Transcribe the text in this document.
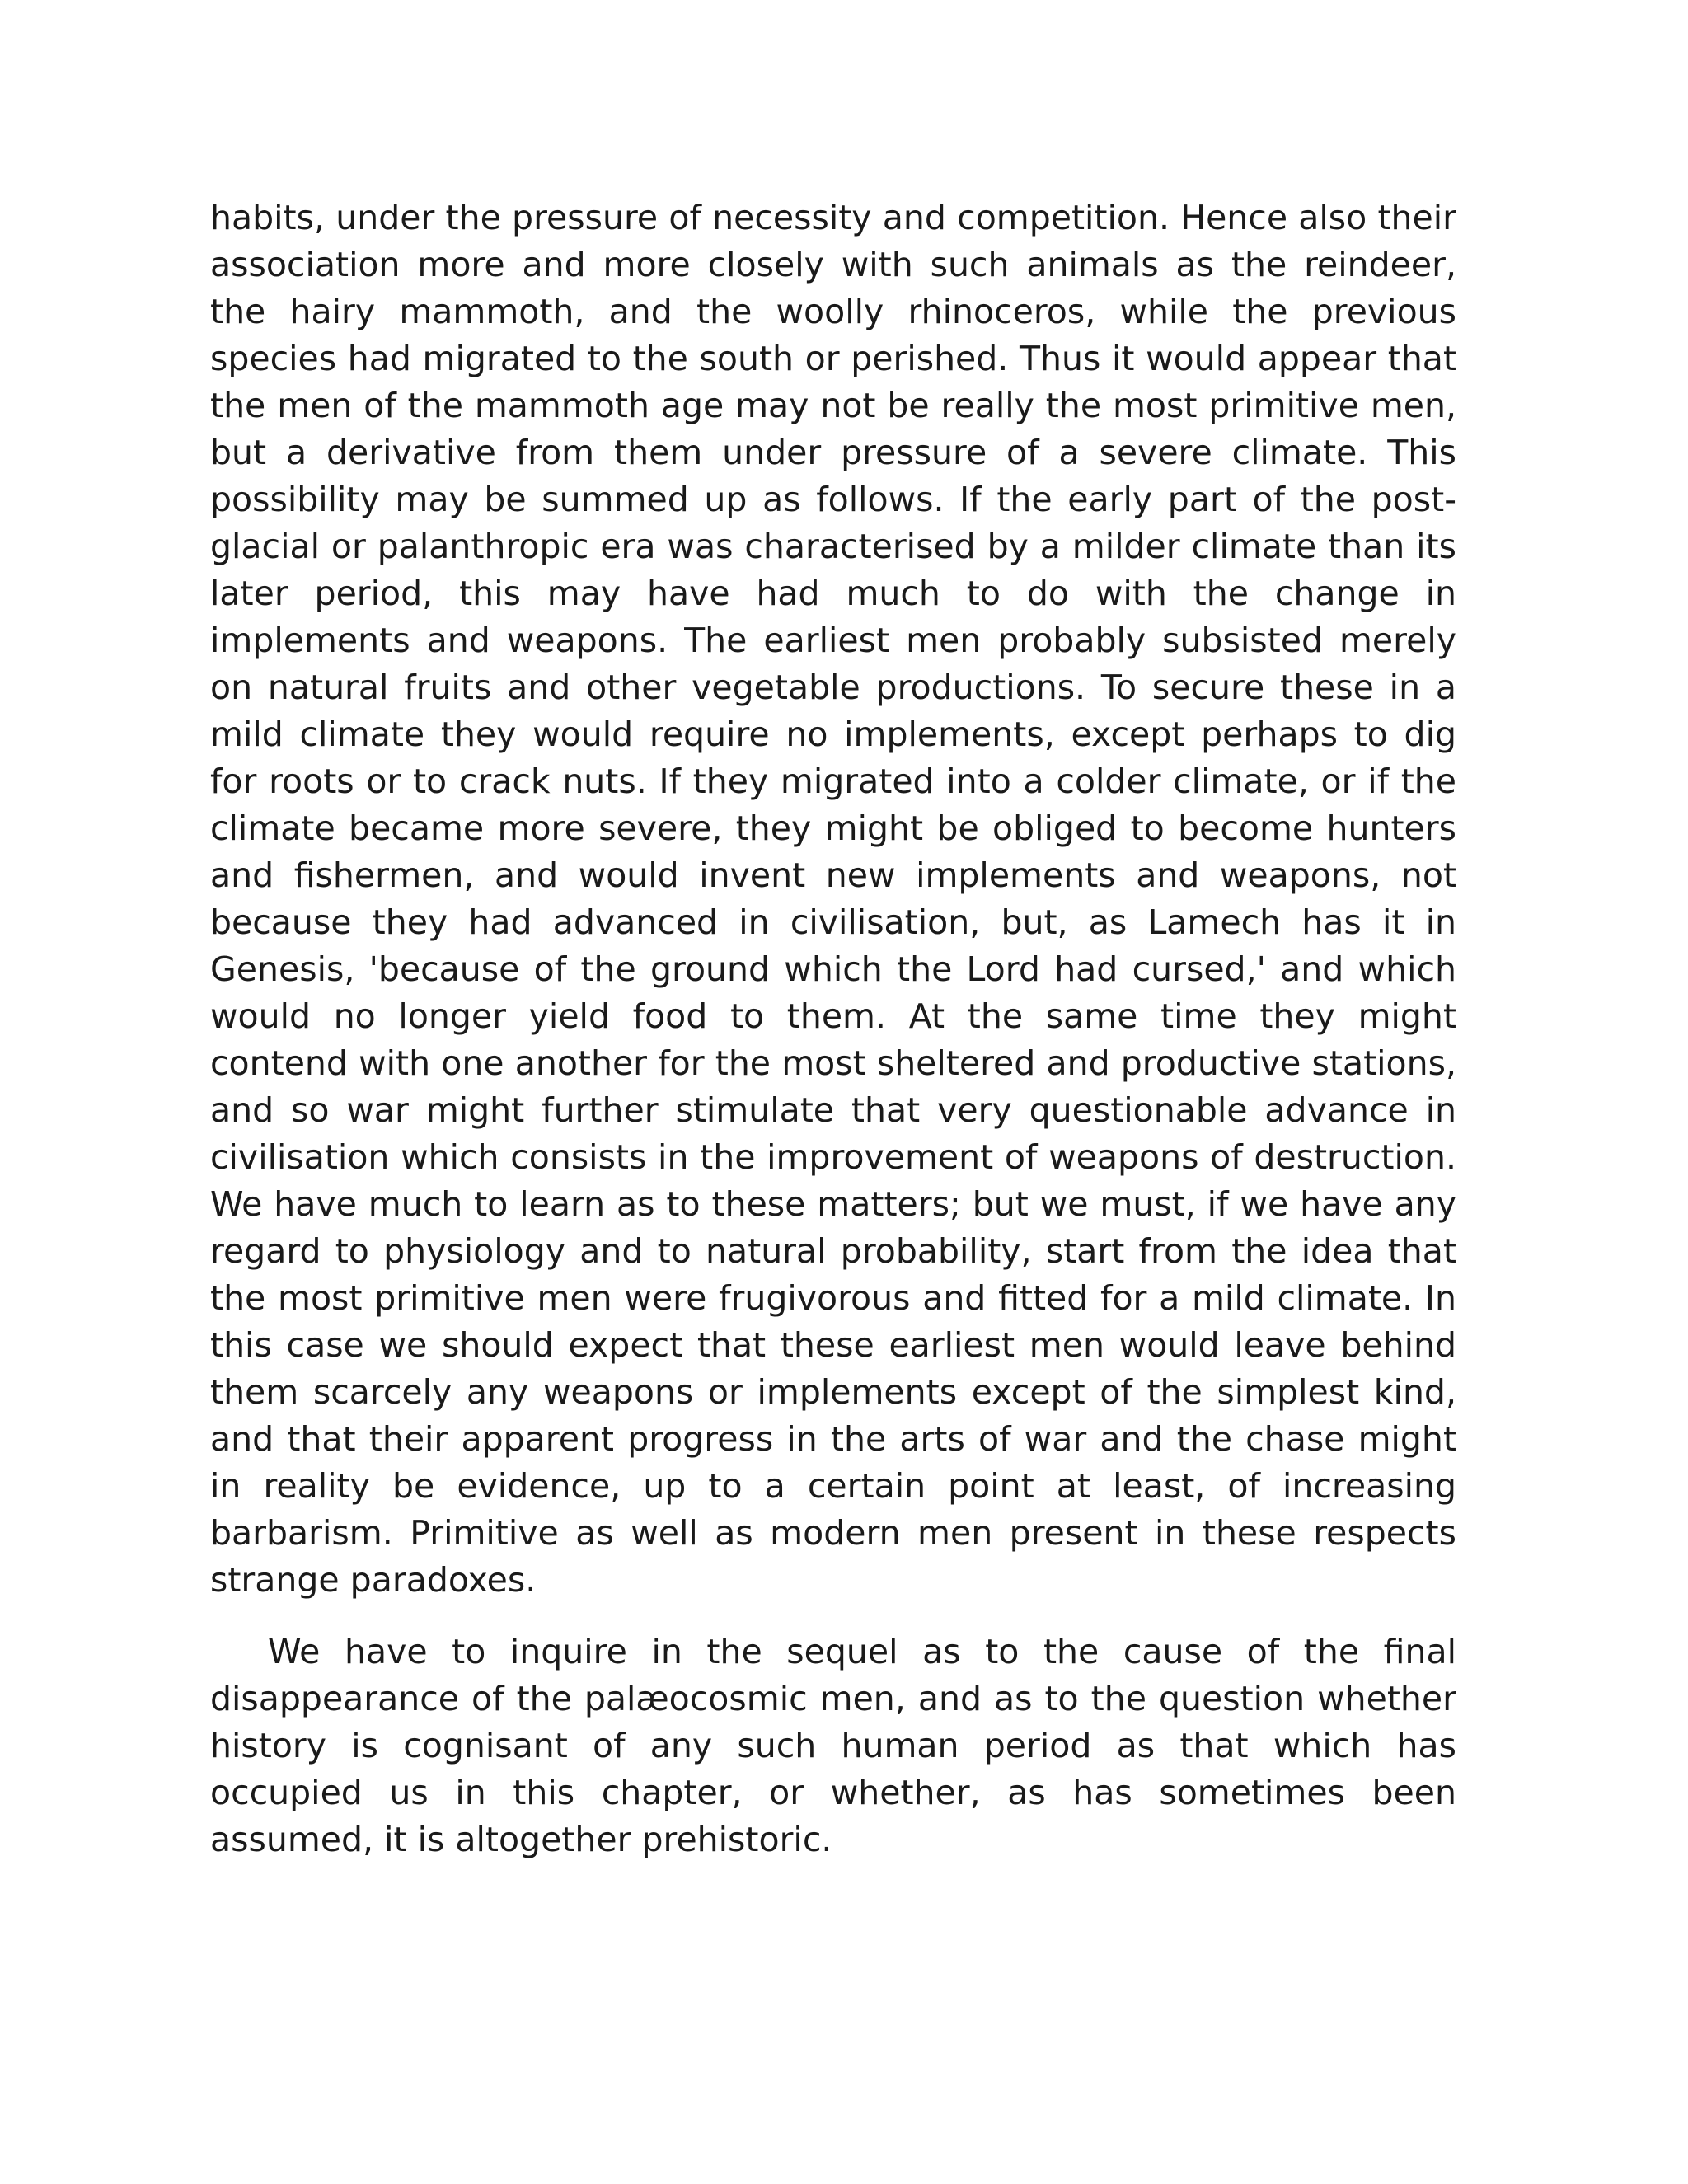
habits, under the pressure of necessity and competition. Hence also their association more and more closely with such animals as the reindeer, the hairy mammoth, and the woolly rhinoceros, while the previous species had migrated to the south or perished. Thus it would appear that the men of the mammoth age may not be really the most primitive men, but a derivative from them under pressure of a severe climate. This possibility may be summed up as follows. If the early part of the post-glacial or palanthropic era was characterised by a milder climate than its later period, this may have had much to do with the change in implements and weapons. The earliest men probably subsisted merely on natural fruits and other vegetable productions. To secure these in a mild climate they would require no implements, except perhaps to dig for roots or to crack nuts. If they migrated into a colder climate, or if the climate became more severe, they might be obliged to become hunters and fishermen, and would invent new implements and weapons, not because they had advanced in civilisation, but, as Lamech has it in Genesis, 'because of the ground which the Lord had cursed,' and which would no longer yield food to them. At the same time they might contend with one another for the most sheltered and productive stations, and so war might further stimulate that very questionable advance in civilisation which consists in the improvement of weapons of destruction. We have much to learn as to these matters; but we must, if we have any regard to physiology and to natural probability, start from the idea that the most primitive men were frugivorous and fitted for a mild climate. In this case we should expect that these earliest men would leave behind them scarcely any weapons or implements except of the simplest kind, and that their apparent progress in the arts of war and the chase might in reality be evidence, up to a certain point at least, of increasing barbarism. Primitive as well as modern men present in these respects strange paradoxes.

We have to inquire in the sequel as to the cause of the final disappearance of the palæocosmic men, and as to the question whether history is cognisant of any such human period as that which has occupied us in this chapter, or whether, as has sometimes been assumed, it is altogether prehistoric.
